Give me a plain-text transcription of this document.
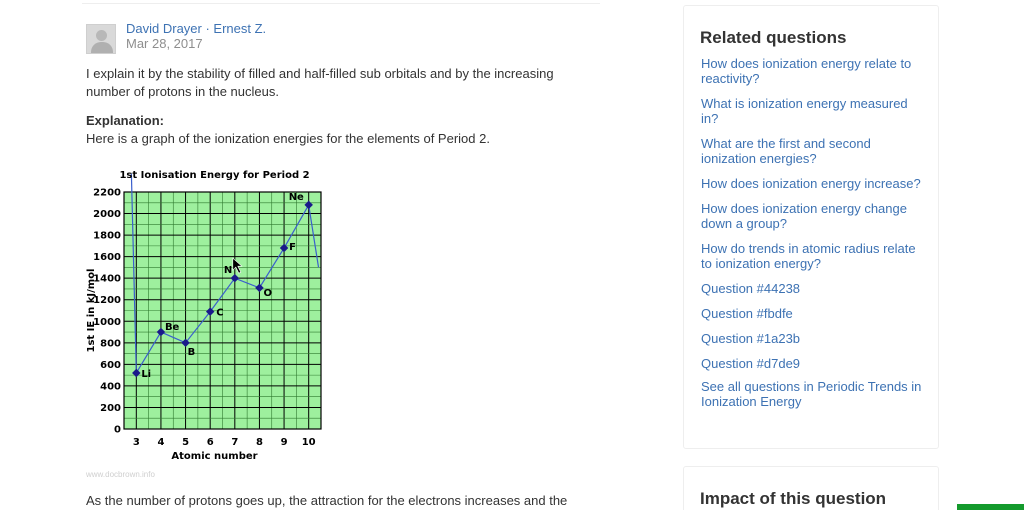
David Drayer · Ernest Z.
Mar 28, 2017

I explain it by the stability of filled and half-filled sub orbitals and by the increasing number of protons in the nucleus.

Explanation:
Here is a graph of the ionization energies for the elements of Period 2.
Li
Be
B
C
N
O
F
Ne
0
200
400
600
800
1000
1200
1400
1600
1800
2000
2200
3 4 5 6 7 8 9 10
1st Ionisation Energy for Period 2
Atomic number
1st IE in kJ/mol
www.docbrown.info

As the number of protons goes up, the attraction for the electrons increases and the

Related questions
How does ionization energy relate to reactivity?
What is ionization energy measured in?
What are the first and second ionization energies?
How does ionization energy increase?
How does ionization energy change down a group?
How do trends in atomic radius relate to ionization energy?
Question #44238
Question #fbdfe
Question #1a23b
Question #d7de9
See all questions in Periodic Trends in Ionization Energy
Impact of this question
